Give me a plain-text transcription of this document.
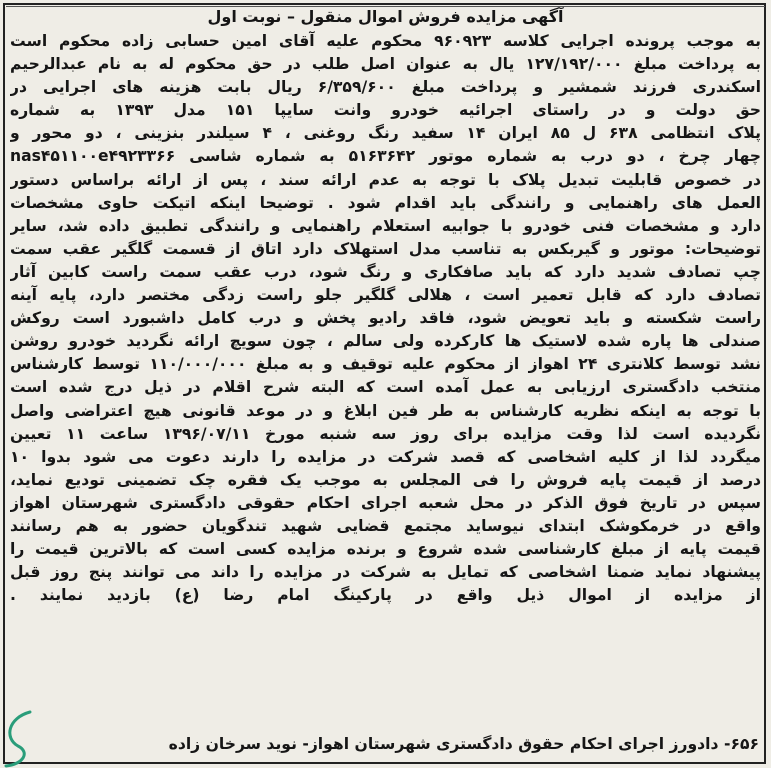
آگهی مزایده فروش اموال منقول – نوبت اول
به موجب پرونده اجرایی کلاسه ۹۶۰۹۲۳ محکوم علیه آقای امین حسابی زاده محکوم است
به پرداخت مبلغ ۱۲۷/۱۹۲/۰۰۰ یال به عنوان اصل طلب در حق محکوم له به نام عبدالرحیم
اسکندری فرزند شمشیر و پرداخت مبلغ ۶/۳۵۹/۶۰۰ ریال بابت هزینه های اجرایی در
حق دولت و در راستای اجرائیه خودرو وانت سایپا ۱۵۱ مدل ۱۳۹۳ به شماره
پلاک انتظامی ۶۳۸ ل ۸۵ ایران ۱۴ سفید رنگ روغنی ، ۴ سیلندر بنزینی ، دو محور و
چهار چرخ ، دو درب به شماره موتور ۵۱۶۳۶۴۲ به شماره شاسی nas۴۵۱۱۰۰e۴۹۲۳۳۶۶
در خصوص قابلیت تبدیل پلاک با توجه به عدم ارائه سند ، پس از ارائه براساس دستور
العمل های راهنمایی و رانندگی باید اقدام شود . توضیحا اینکه اتیکت حاوی مشخصات
دارد و مشخصات فنی خودرو با جوابیه استعلام راهنمایی و رانندگی تطبیق داده شد، سایر
توضیحات: موتور و گیربکس به تناسب مدل استهلاک دارد اتاق از قسمت گلگیر عقب سمت
چپ تصادف شدید دارد که باید صافکاری و رنگ شود، درب عقب سمت راست کابین آثار
تصادف دارد که قابل تعمیر است ، هلالی گلگیر جلو راست زدگی مختصر دارد، پایه آینه
راست شکسته و باید تعویض شود، فاقد رادیو پخش و درب کامل داشبورد است روکش
صندلی ها پاره شده لاستیک ها کارکرده ولی سالم ، چون سویچ ارائه نگردید خودرو روشن
نشد توسط کلانتری ۲۴ اهواز از محکوم علیه توقیف و به مبلغ ۱۱۰/۰۰۰/۰۰۰ توسط کارشناس
منتخب دادگستری ارزیابی به عمل آمده است که البته شرح اقلام در ذیل درج شده است
با توجه به اینکه نظریه کارشناس به طر فین ابلاغ و در موعد قانونی هیچ اعتراضی واصل
نگردیده است لذا وقت مزایده برای روز سه شنبه مورخ ۱۳۹۶/۰۷/۱۱ ساعت ۱۱ تعیین
میگردد لذا از کلیه اشخاصی که قصد شرکت در مزایده را دارند دعوت می شود بدوا ۱۰
درصد از قیمت پایه فروش را فی المجلس به موجب یک فقره چک تضمینی تودیع نماید،
سپس در تاریخ فوق الذکر در محل شعبه اجرای احکام حقوقی دادگستری شهرستان اهواز
واقع در خرمکوشک ابتدای نیوساید مجتمع قضایی شهید تندگویان حضور به هم رسانند
قیمت پایه از مبلغ کارشناسی شده شروع و برنده مزایده کسی است که بالاترین قیمت را
پیشنهاد نماید ضمنا اشخاصی که تمایل به شرکت در مزایده را داند می توانند پنج روز قبل
از مزایده از اموال ذیل واقع در پارکینگ امام رضا (ع) بازدید نمایند .
۶۵۶- دادورز اجرای احکام حقوق دادگستری شهرستان اهواز- نوید سرخان زاده
